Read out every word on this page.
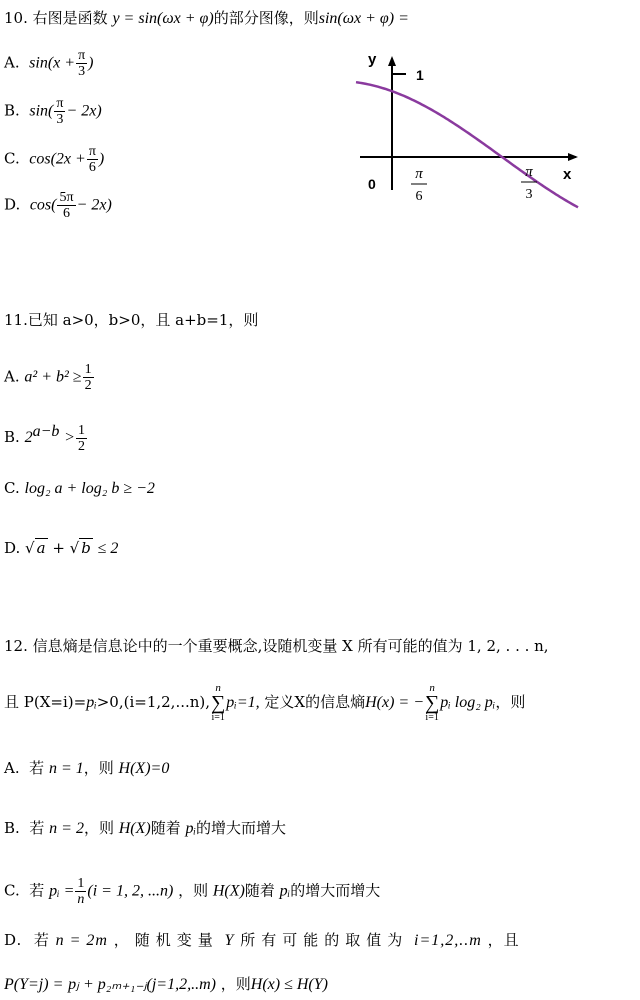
10. 右图是函数 y = sin(ωx + φ)的部分图像，则sin(ωx + φ) =
A. $\sin(x + \frac{\pi}{3}$ )
B. $\sin( \frac{\pi}{3} - 2x)$
C. $\cos(2x + \frac{\pi}{6}$ )
D. $\cos( \frac{5\pi}{6} - 2x)$
y
x
0
1
π
6
π
3
11.已知 a>0，b>0，且 a+b=1，则
A. $a^2 + b^2 \ge \frac{1}{2}$
B. $2^{a-b} > \frac{1}{2}$
C. log₂ a + log₂ b ≥ −2
D. √ a + √ b ≤ 2
12. 信息熵是信息论中的一个重要概念,设随机变量 X 所有可能的值为 1, 2, . . . n,
且 P(X=i)=pᵢ>0,(i=1,2,...n),
n
∑
i=1
pᵢ=1, 定义X的信息熵H(x) = −
n
∑
i=1
pᵢ log₂ pᵢ，则
A. 若 n = 1，则 H(X)=0
B. 若 n = 2，则 H(X)随着 pᵢ的增大而增大
C. 若 pᵢ = $\frac{1}{n} (i = 1$, 2, ...n) ，则 H(X)随着 pᵢ的增大而增大
D. 若 n = 2m ，随机变量 Y 所有可能的取值为 i=1,2,..m ，且
P(Y=j) = pⱼ + p₂ₘ₊₁₋ⱼ(j=1,2,..m) ，则H(x) ≤ H(Y)
